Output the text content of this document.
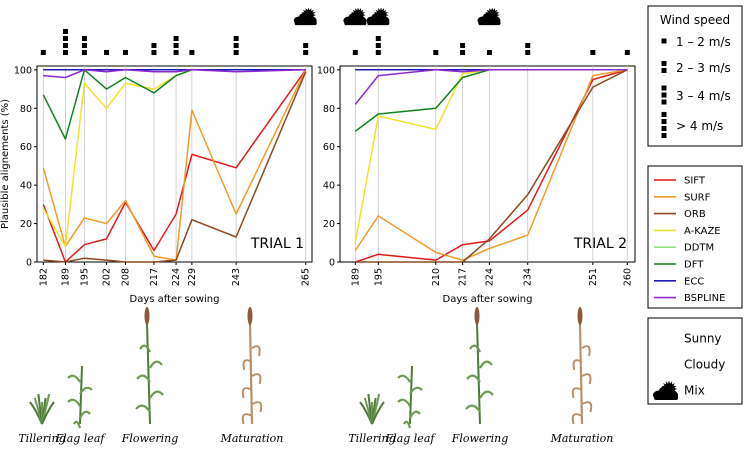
182 189 195 202 208 217 224 229	243	265
0
20
40
60
80
100
TRIAL 1
Days after sowing
Plausible alignements (%)
189 195	210 217 224	234	251 260
0
20
40
60
80
100
TRIAL 2
Days after sowing
Wind speed
1 – 2 m/s
2 – 3 m/s
3 – 4 m/s
> 4 m/s
SIFT
SURF
ORB
A-KAZE
DDTM
DFT
ECC
BSPLINE
Sunny
Cloudy
Mix
Tillering
Flag leaf Flowering	Maturation	Tillering
Flag leaf Flowering	Maturation
